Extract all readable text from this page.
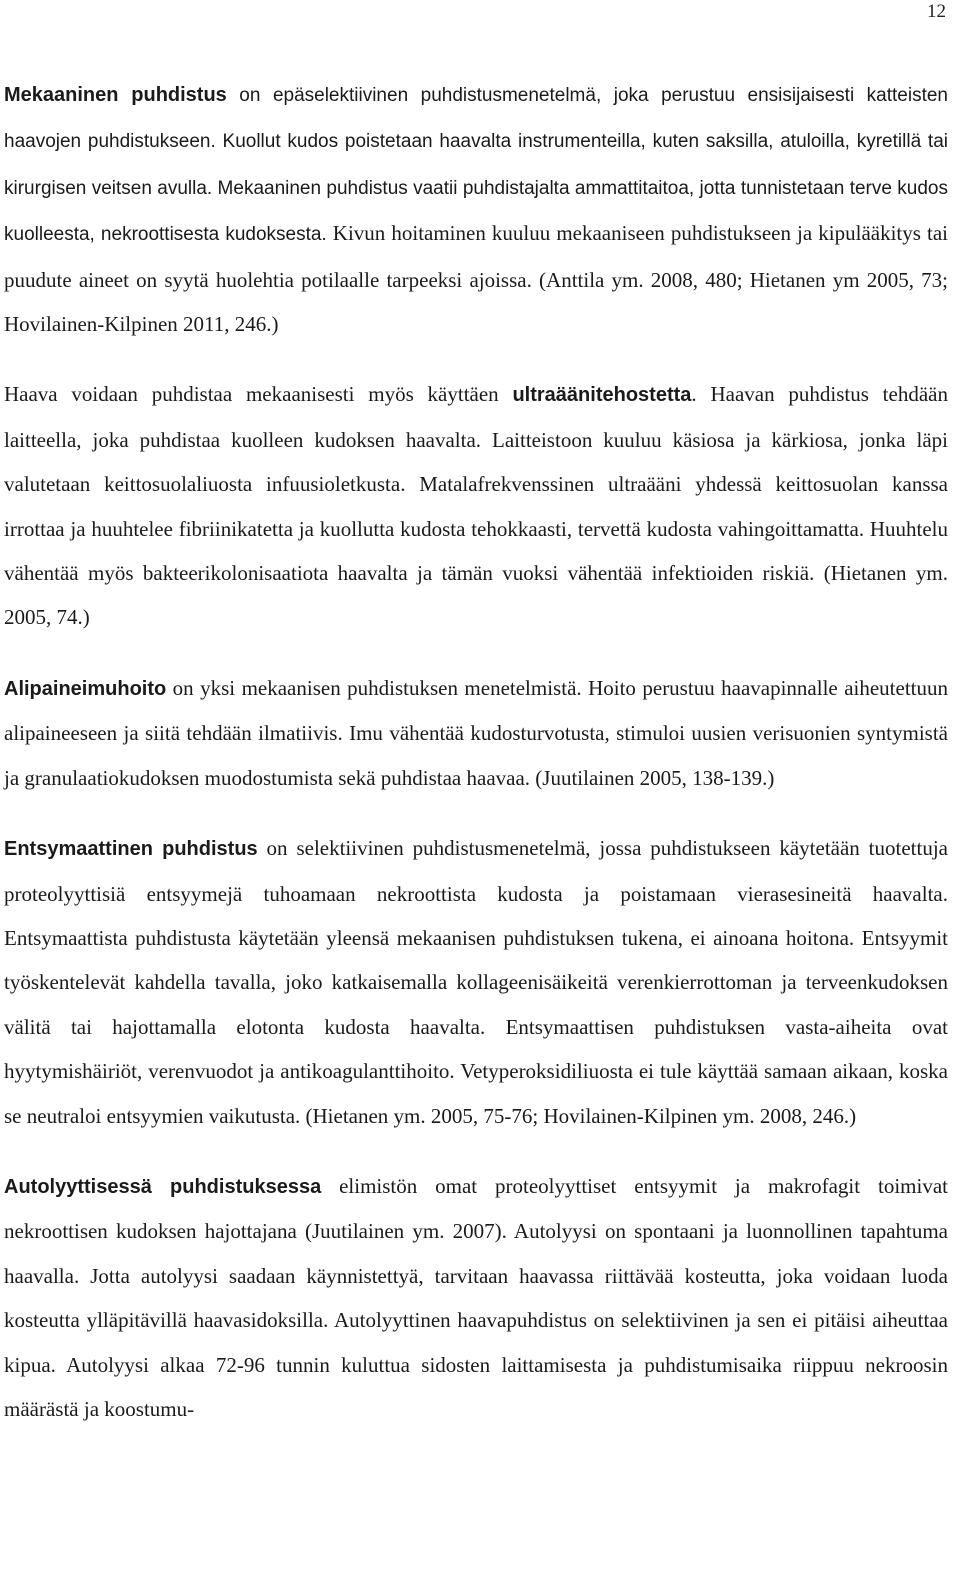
12

Mekaaninen puhdistus on epäselektiivinen puhdistusmenetelmä, joka perustuu ensisijaisesti katteisten haavojen puhdistukseen. Kuollut kudos poistetaan haavalta instrumenteilla, kuten saksilla, atuloilla, kyretillä tai kirurgisen veitsen avulla. Mekaaninen puhdistus vaatii puhdistajalta ammattitaitoa, jotta tunnistetaan terve kudos kuolleesta, nekroottisesta kudoksesta. Kivun hoitaminen kuuluu mekaaniseen puhdistukseen ja kipulääkitys tai puudute aineet on syytä huolehtia potilaalle tarpeeksi ajoissa. (Anttila ym. 2008, 480; Hietanen ym 2005, 73; Hovilainen-Kilpinen 2011, 246.)

Haava voidaan puhdistaa mekaanisesti myös käyttäen ultraäänitehostetta. Haavan puhdistus tehdään laitteella, joka puhdistaa kuolleen kudoksen haavalta. Laitteistoon kuuluu käsiosa ja kärkiosa, jonka läpi valutetaan keittosuolaliuosta infuusioletkusta. Matalafrekvenssinen ultraääni yhdessä keittosuolan kanssa irrottaa ja huuhtelee fibriinikatetta ja kuollutta kudosta tehokkaasti, tervettä kudosta vahingoittamatta. Huuhtelu vähentää myös bakteerikolonisaatiota haavalta ja tämän vuoksi vähentää infektioiden riskiä. (Hietanen ym. 2005, 74.)

Alipaineimuhoito on yksi mekaanisen puhdistuksen menetelmistä. Hoito perustuu haavapinnalle aiheutettuun alipaineeseen ja siitä tehdään ilmatiivis. Imu vähentää kudosturvotusta, stimuloi uusien verisuonien syntymistä ja granulaatiokudoksen muodostumista sekä puhdistaa haavaa. (Juutilainen 2005, 138-139.)

Entsymaattinen puhdistus on selektiivinen puhdistusmenetelmä, jossa puhdistukseen käytetään tuotettuja proteolyyttisiä entsyymejä tuhoamaan nekroottista kudosta ja poistamaan vierasesineitä haavalta. Entsymaattista puhdistusta käytetään yleensä mekaanisen puhdistuksen tukena, ei ainoana hoitona. Entsyymit työskentelevät kahdella tavalla, joko katkaisemalla kollageenisäikeitä verenkierrottoman ja terveenkudoksen välitä tai hajottamalla elotonta kudosta haavalta. Entsymaattisen puhdistuksen vasta-aiheita ovat hyytymishäiriöt, verenvuodot ja antikoagulanttihoito. Vetyperoksidiliuosta ei tule käyttää samaan aikaan, koska se neutraloi entsyymien vaikutusta. (Hietanen ym. 2005, 75-76; Hovilainen-Kilpinen ym. 2008, 246.)

Autolyyttisessä puhdistuksessa elimistön omat proteolyyttiset entsyymit ja makrofagit toimivat nekroottisen kudoksen hajottajana (Juutilainen ym. 2007). Autolyysi on spontaani ja luonnollinen tapahtuma haavalla. Jotta autolyysi saadaan käynnistettyä, tarvitaan haavassa riittävää kosteutta, joka voidaan luoda kosteutta ylläpitävillä haavasidoksilla. Autolyyttinen haavapuhdistus on selektiivinen ja sen ei pitäisi aiheuttaa kipua. Autolyysi alkaa 72-96 tunnin kuluttua sidosten laittamisesta ja puhdistumisaika riippuu nekroosin määrästä ja koostumu-
